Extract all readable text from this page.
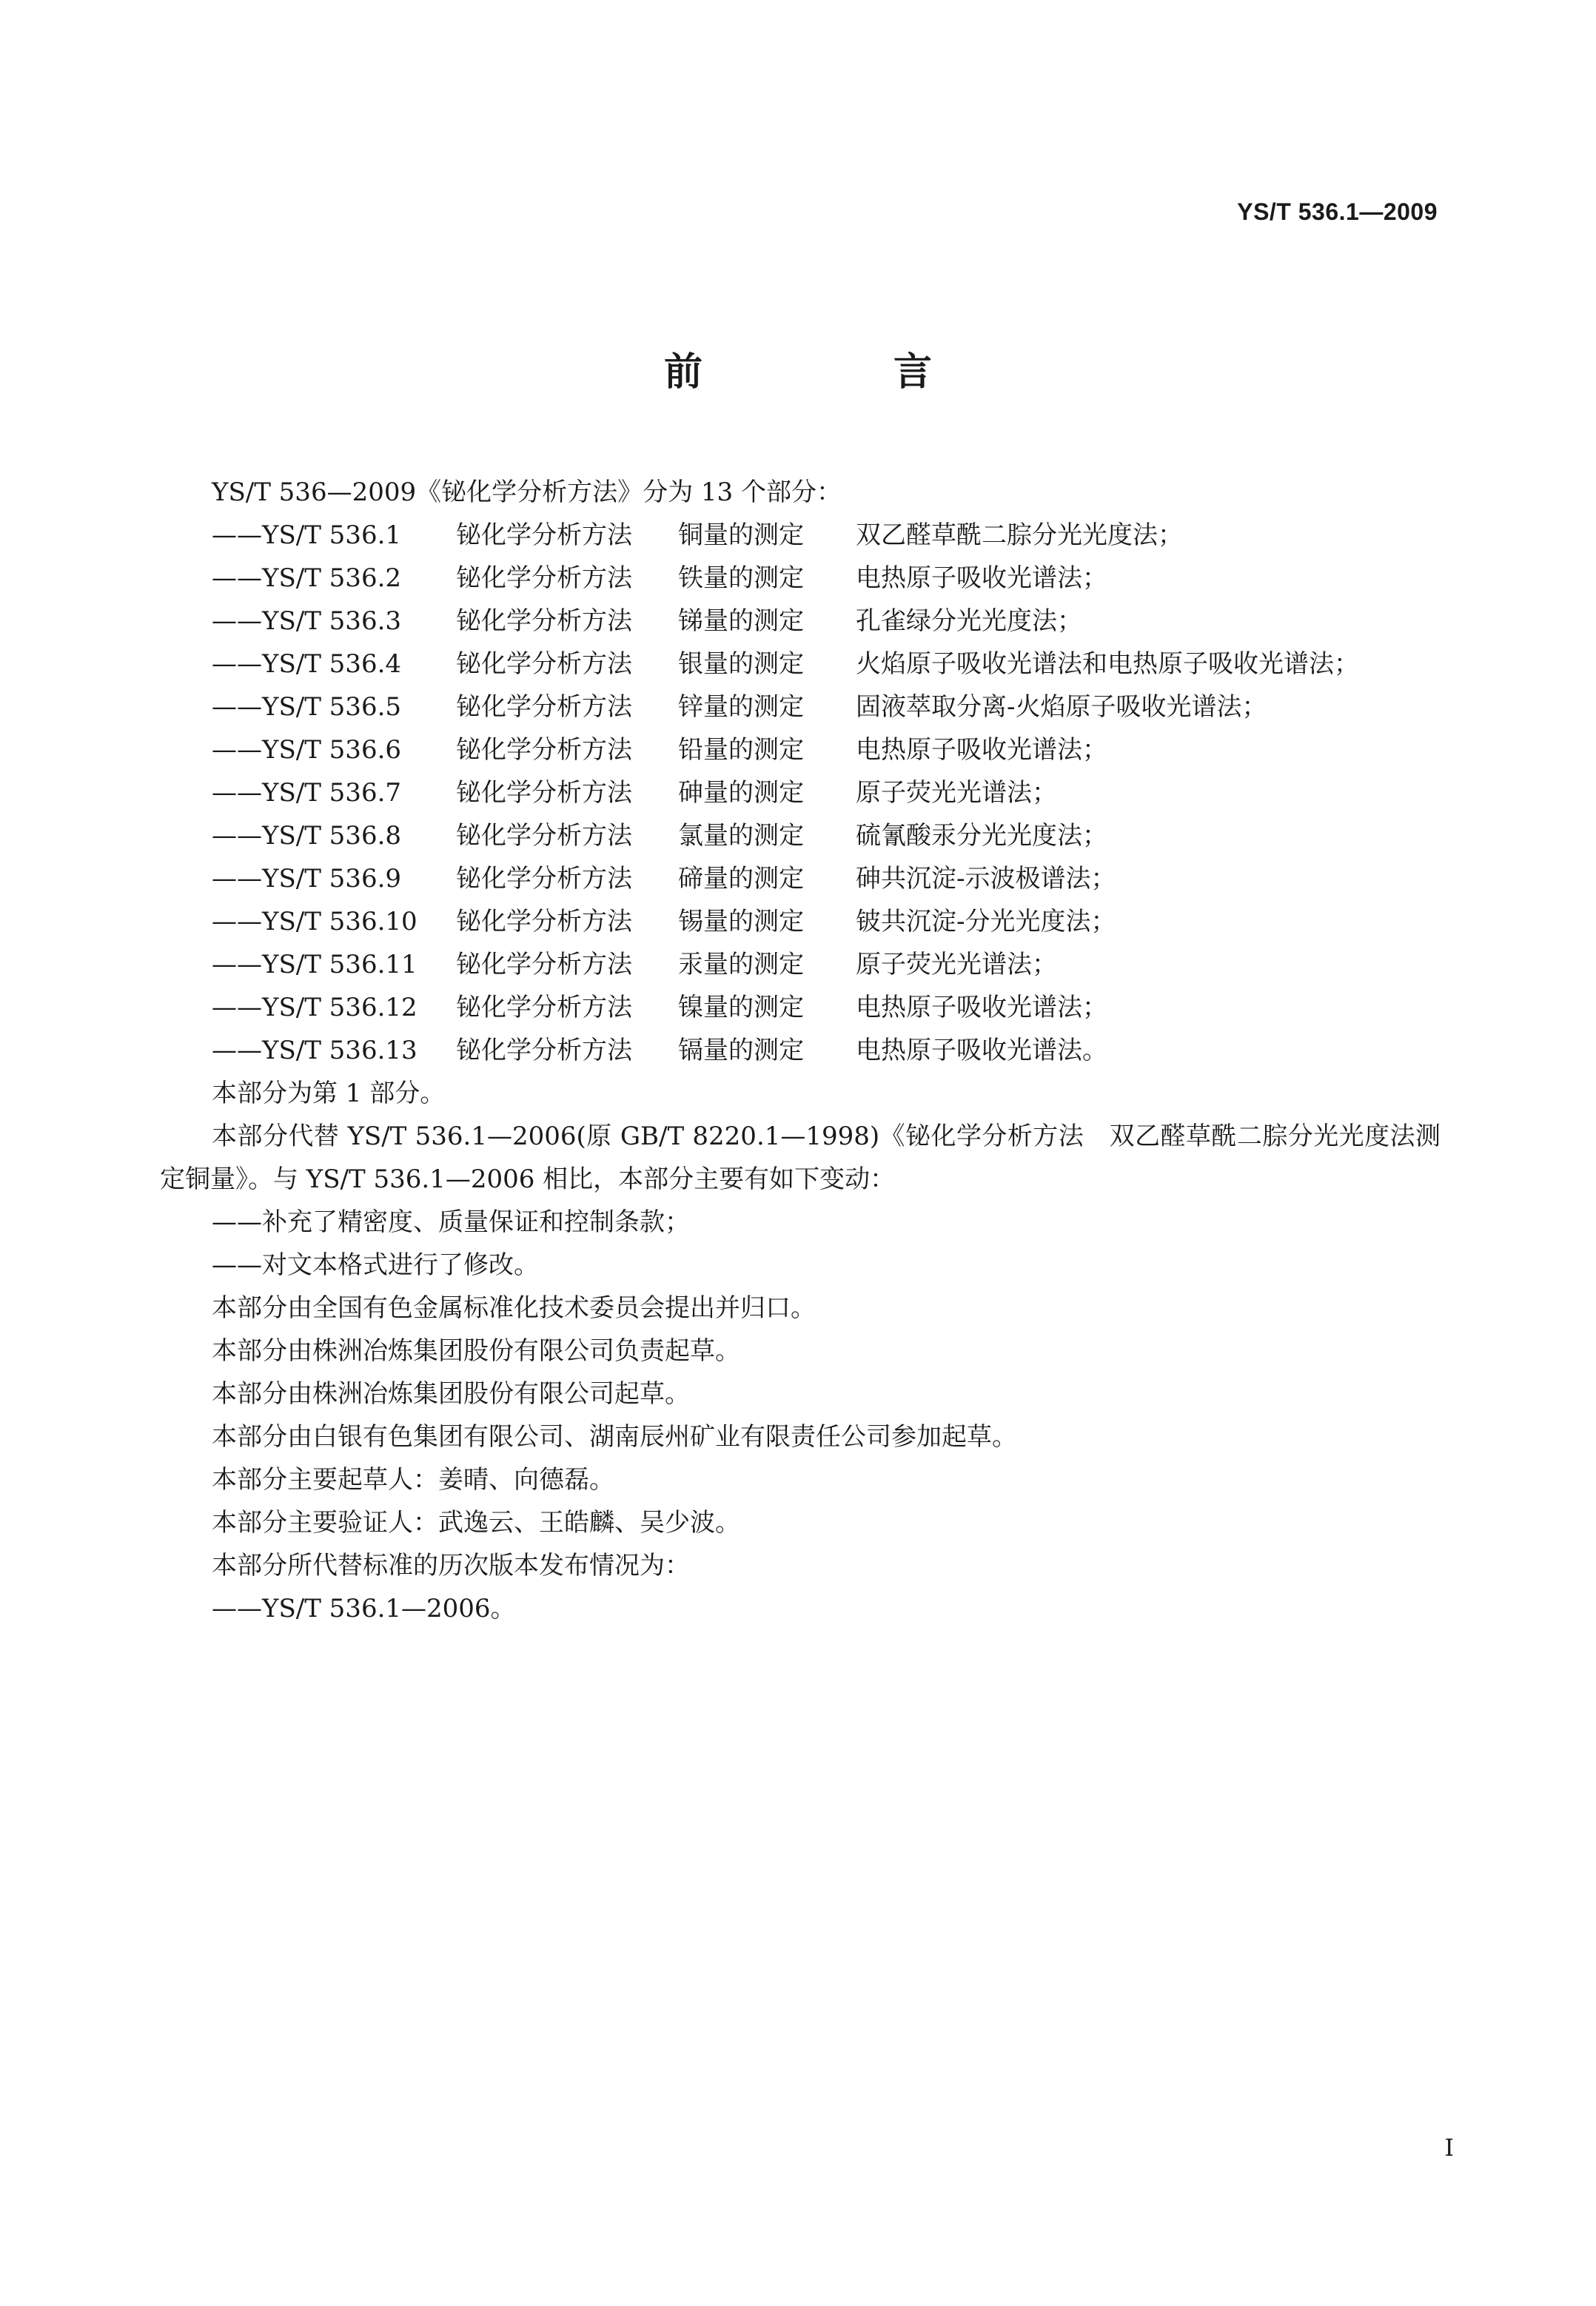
YS/T 536.1—2009
前 言

YS/T 536—2009《铋化学分析方法》分为 13 个部分：

——YS/T 536.1	铋化学分析方法	铜量的测定	双乙醛草酰二腙分光光度法；
——YS/T 536.2	铋化学分析方法	铁量的测定	电热原子吸收光谱法；
——YS/T 536.3	铋化学分析方法	锑量的测定	孔雀绿分光光度法；
——YS/T 536.4	铋化学分析方法	银量的测定	火焰原子吸收光谱法和电热原子吸收光谱法；
——YS/T 536.5	铋化学分析方法	锌量的测定	固液萃取分离-火焰原子吸收光谱法；
——YS/T 536.6	铋化学分析方法	铅量的测定	电热原子吸收光谱法；
——YS/T 536.7	铋化学分析方法	砷量的测定	原子荧光光谱法；
——YS/T 536.8	铋化学分析方法	氯量的测定	硫氰酸汞分光光度法；
——YS/T 536.9	铋化学分析方法	碲量的测定	砷共沉淀-示波极谱法；
——YS/T 536.10	铋化学分析方法	锡量的测定	铍共沉淀-分光光度法；
——YS/T 536.11	铋化学分析方法	汞量的测定	原子荧光光谱法；
——YS/T 536.12	铋化学分析方法	镍量的测定	电热原子吸收光谱法；
——YS/T 536.13	铋化学分析方法	镉量的测定	电热原子吸收光谱法。

本部分为第 1 部分。

本部分代替 YS/T 536.1—2006(原 GB/T 8220.1—1998)《铋化学分析方法　双乙醛草酰二腙分光光度法测定铜量》。与 YS/T 536.1—2006 相比，本部分主要有如下变动：

——补充了精密度、质量保证和控制条款；

——对文本格式进行了修改。

本部分由全国有色金属标准化技术委员会提出并归口。

本部分由株洲冶炼集团股份有限公司负责起草。

本部分由株洲冶炼集团股份有限公司起草。

本部分由白银有色集团有限公司、湖南辰州矿业有限责任公司参加起草。

本部分主要起草人：姜晴、向德磊。

本部分主要验证人：武逸云、王皓麟、吴少波。

本部分所代替标准的历次版本发布情况为：

——YS/T 536.1—2006。

I
